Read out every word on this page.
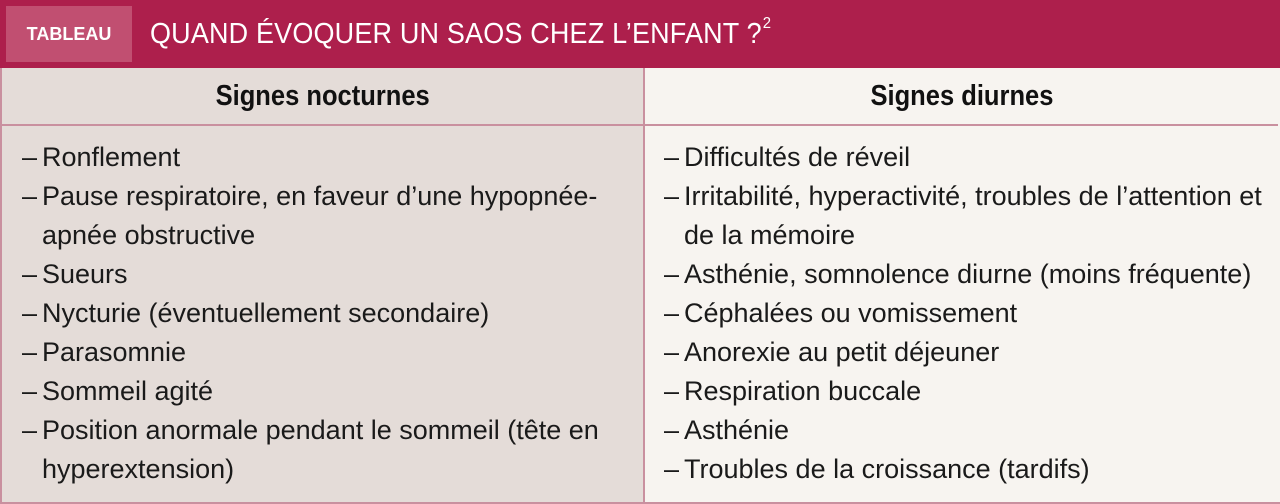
TABLEAU	QUAND ÉVOQUER UN SAOS CHEZ L’ENFANT ?$^2$
Signes nocturnes	Signes diurnes
– Ronflement
– Pause respiratoire, en faveur d’une hypopnée-apnée obstructive
– Sueurs
– Nycturie (éventuellement secondaire)
– Parasomnie
– Sommeil agité
– Position anormale pendant le sommeil (tête en hyperextension)
– Difficultés de réveil
– Irritabilité, hyperactivité, troubles de l’attention et de la mémoire
– Asthénie, somnolence diurne (moins fréquente)
– Céphalées ou vomissement
– Anorexie au petit déjeuner
– Respiration buccale
– Asthénie
– Troubles de la croissance (tardifs)
